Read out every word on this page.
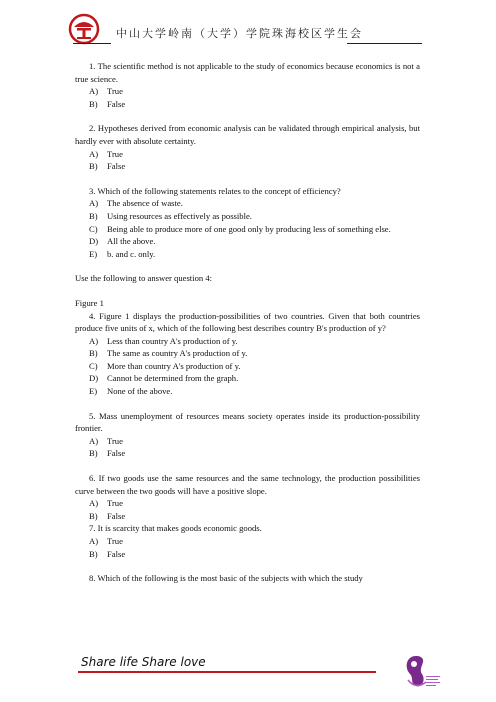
中山大学岭南（大学）学院珠海校区学生会
1. The scientific method is not applicable to the study of economics because economics is not a true science.
A)	True
B)	False
2. Hypotheses derived from economic analysis can be validated through empirical analysis, but hardly ever with absolute certainty.
A)	True
B)	False
3. Which of the following statements relates to the concept of efficiency?
A)	The absence of waste.
B)	Using resources as effectively as possible.
C) Being able to produce more of one good only by producing less of something else.
D)	All the above.
E)	b. and c. only.
Use the following to answer question 4:
Figure 1
4. Figure 1 displays the production-possibilities of two countries. Given that both countries produce five units of x, which of the following best describes country B's production of y?
A)	Less than country A's production of y.
B)	The same as country A's production of y.
C)	More than country A's production of y.
D)	Cannot be determined from the graph.
E)	None of the above.
5. Mass unemployment of resources means society operates inside its production-possibility frontier.
A)	True
B)	False
6. If two goods use the same resources and the same technology, the production possibilities curve between the two goods will have a positive slope.
A)	True
B)	False
7. It is scarcity that makes goods economic goods.
A)	True
B)	False
8. Which of the following is the most basic of the subjects with which the study
Share life Share love
